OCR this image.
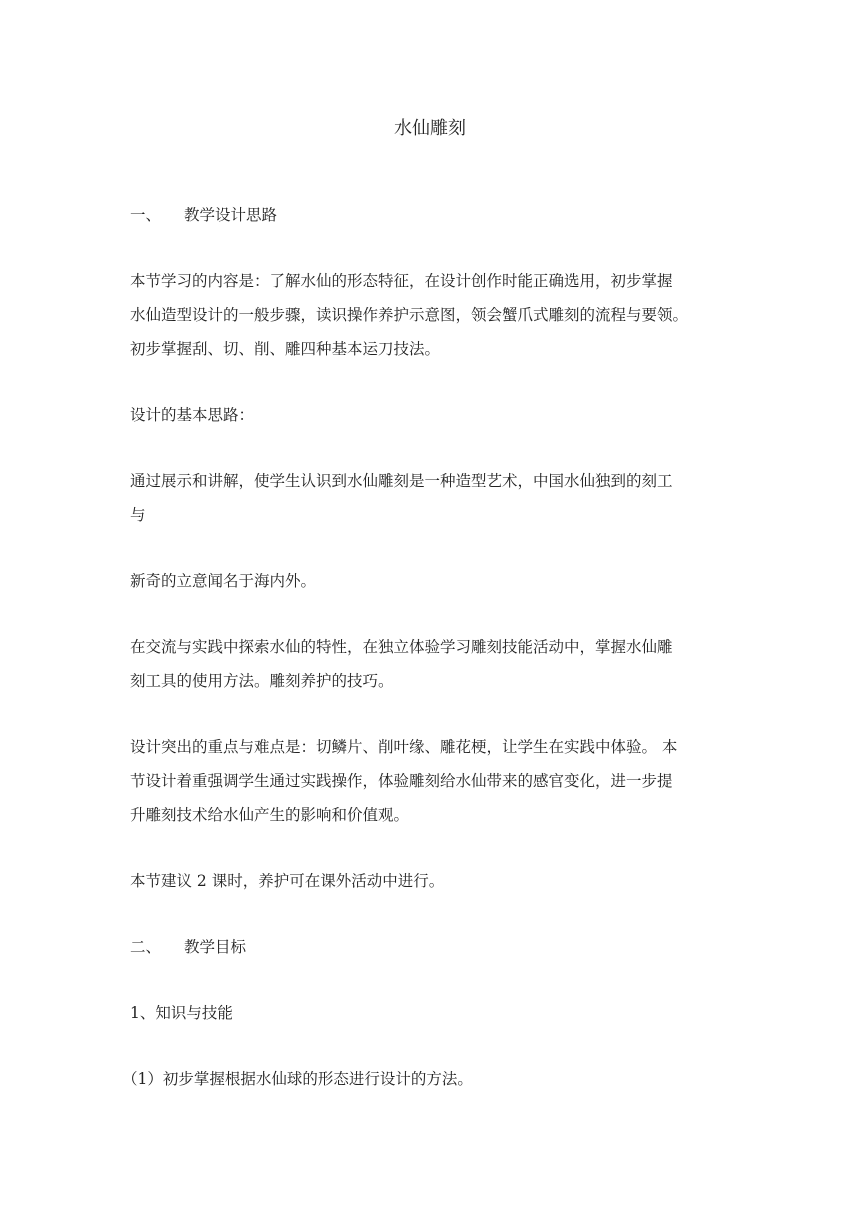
水仙雕刻
一、 教学设计思路
本节学习的内容是：了解水仙的形态特征，在设计创作时能正确选用，初步掌握
水仙造型设计的一般步骤，读识操作养护示意图，领会蟹爪式雕刻的流程与要领。
初步掌握刮、切、削、雕四种基本运刀技法。
设计的基本思路：
通过展示和讲解，使学生认识到水仙雕刻是一种造型艺术，中国水仙独到的刻工
与
新奇的立意闻名于海内外。
在交流与实践中探索水仙的特性，在独立体验学习雕刻技能活动中，掌握水仙雕
刻工具的使用方法。雕刻养护的技巧。
设计突出的重点与难点是：切鳞片、削叶缘、雕花梗，让学生在实践中体验。 本
节设计着重强调学生通过实践操作，体验雕刻给水仙带来的感官变化，进一步提
升雕刻技术给水仙产生的影响和价值观。
本节建议 2 课时，养护可在课外活动中进行。
二、 教学目标
1、知识与技能
（1）初步掌握根据水仙球的形态进行设计的方法。
